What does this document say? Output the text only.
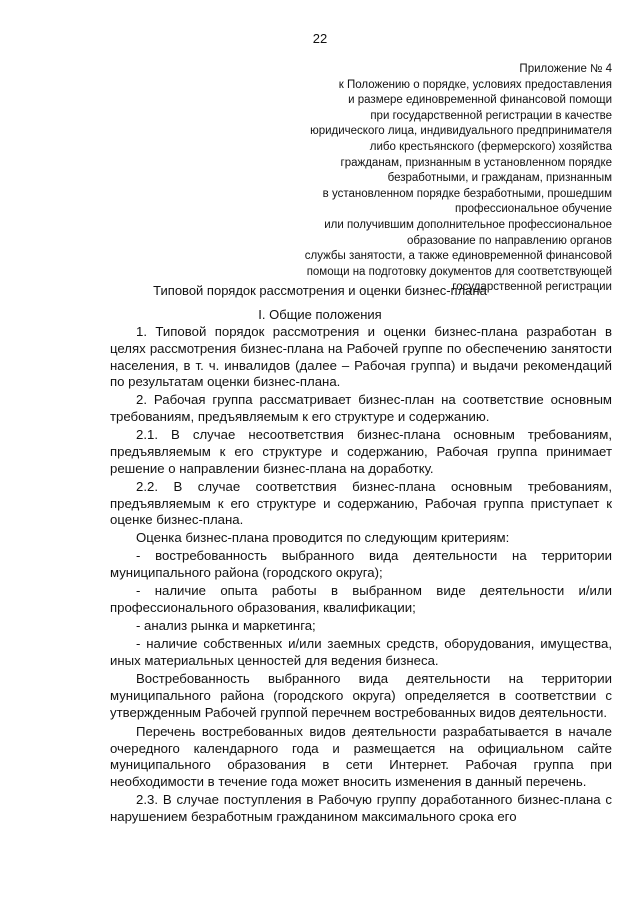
22
Приложение № 4
к Положению о порядке, условиях предоставления
и размере единовременной финансовой помощи
при государственной регистрации в качестве
юридического лица, индивидуального предпринимателя
либо крестьянского (фермерского) хозяйства
гражданам, признанным в установленном порядке
безработными, и гражданам, признанным
в установленном порядке безработными, прошедшим
профессиональное обучение
или получившим дополнительное профессиональное
образование по направлению органов
службы занятости, а также единовременной финансовой
помощи на подготовку документов для соответствующей
государственной регистрации
Типовой порядок рассмотрения и оценки бизнес-плана
I. Общие положения

1. Типовой порядок рассмотрения и оценки бизнес-плана разработан в целях рассмотрения бизнес-плана на Рабочей группе по обеспечению занятости населения, в т. ч. инвалидов (далее – Рабочая группа) и выдачи рекомендаций по результатам оценки бизнес-плана.

2. Рабочая группа рассматривает бизнес-план на соответствие основным требованиям, предъявляемым к его структуре и содержанию.

2.1. В случае несоответствия бизнес-плана основным требованиям, предъявляемым к его структуре и содержанию, Рабочая группа принимает решение о направлении бизнес-плана на доработку.

2.2. В случае соответствия бизнес-плана основным требованиям, предъявляемым к его структуре и содержанию, Рабочая группа приступает к оценке бизнес-плана.

Оценка бизнес-плана проводится по следующим критериям:

- востребованность выбранного вида деятельности на территории муниципального района (городского округа);

- наличие опыта работы в выбранном виде деятельности и/или профессионального образования, квалификации;

- анализ рынка и маркетинга;

- наличие собственных и/или заемных средств, оборудования, имущества, иных материальных ценностей для ведения бизнеса.

Востребованность выбранного вида деятельности на территории муниципального района (городского округа) определяется в соответствии с утвержденным Рабочей группой перечнем востребованных видов деятельности.

Перечень востребованных видов деятельности разрабатывается в начале очередного календарного года и размещается на официальном сайте муниципального образования в сети Интернет. Рабочая группа при необходимости в течение года может вносить изменения в данный перечень.

2.3. В случае поступления в Рабочую группу доработанного бизнес-плана с нарушением безработным гражданином максимального срока его
